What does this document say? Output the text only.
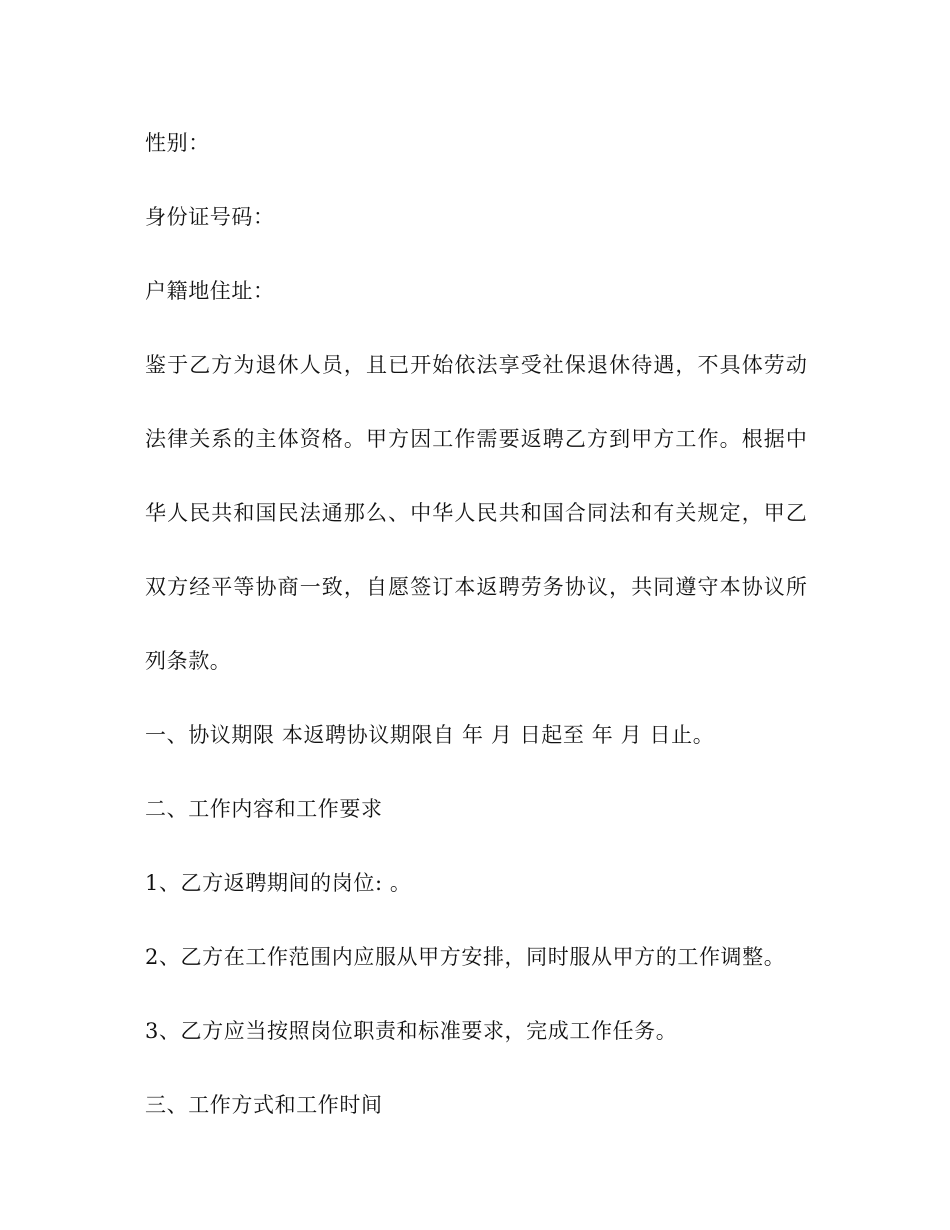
性别：

身份证号码：

户籍地住址：

鉴于乙方为退休人员，且已开始依法享受社保退休待遇，不具体劳动

法律关系的主体资格。甲方因工作需要返聘乙方到甲方工作。根据中

华人民共和国民法通那么、中华人民共和国合同法和有关规定，甲乙

双方经平等协商一致，自愿签订本返聘劳务协议，共同遵守本协议所

列条款。

一、协议期限 本返聘协议期限自 年 月 日起至 年 月 日止。

二、工作内容和工作要求

1、乙方返聘期间的岗位: 。

2、乙方在工作范围内应服从甲方安排，同时服从甲方的工作调整。

3、乙方应当按照岗位职责和标准要求，完成工作任务。

三、工作方式和工作时间
